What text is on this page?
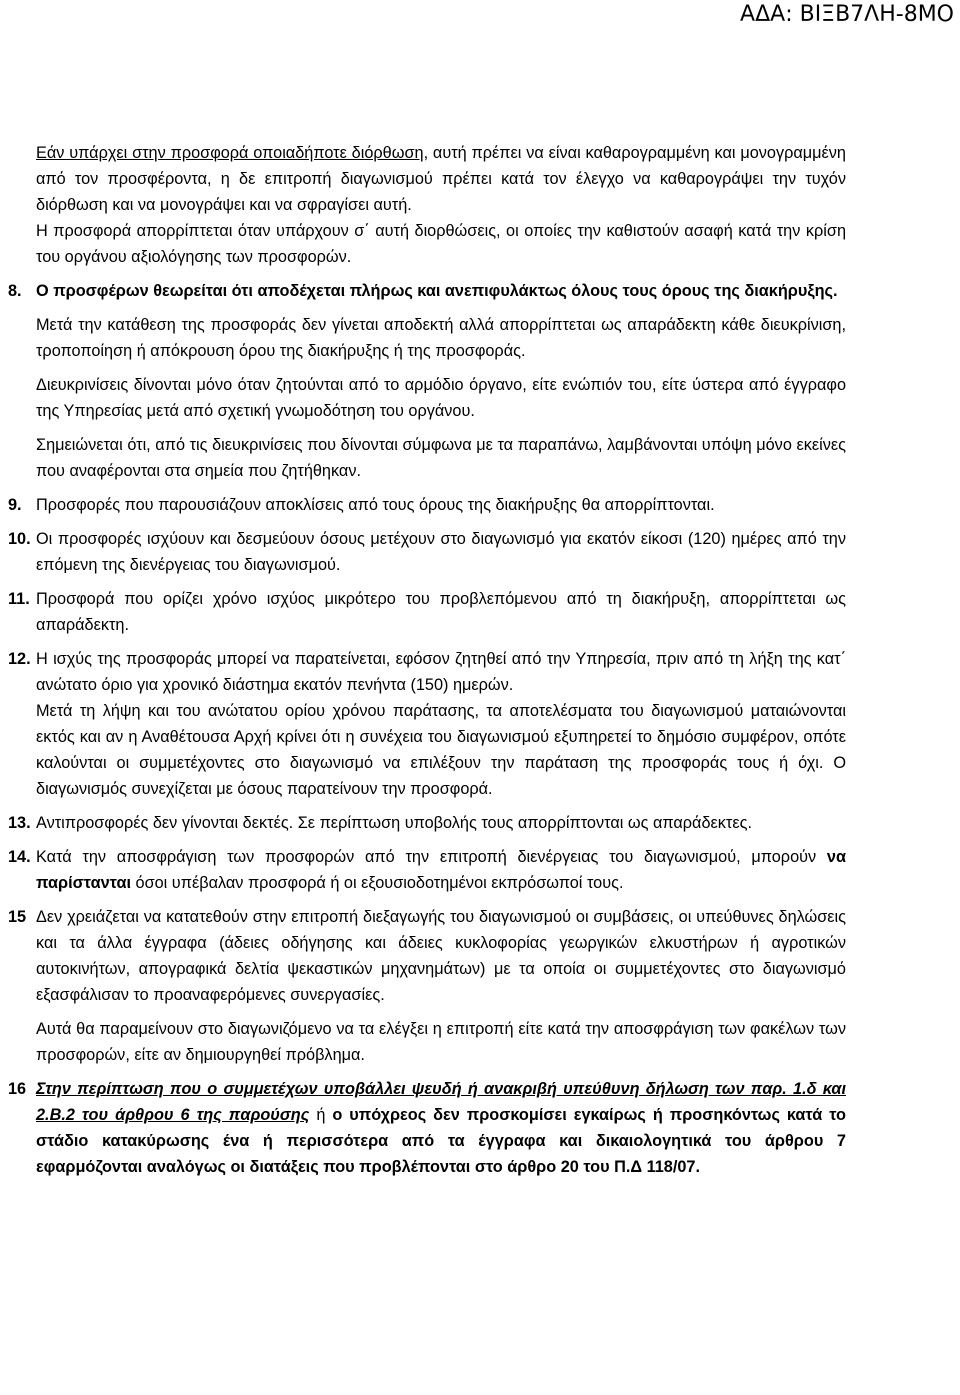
ΑΔΑ: ΒΙΞΒ7ΛΗ-8ΜΟ

Εάν υπάρχει στην προσφορά οποιαδήποτε διόρθωση, αυτή πρέπει να είναι καθαρογραμμένη και μονογραμμένη από τον προσφέροντα, η δε επιτροπή διαγωνισμού πρέπει κατά τον έλεγχο να καθαρογράψει την τυχόν διόρθωση και να μονογράψει και να σφραγίσει αυτή.

Η προσφορά απορρίπτεται όταν υπάρχουν σ΄ αυτή διορθώσεις, οι οποίες την καθιστούν ασαφή κατά την κρίση του οργάνου αξιολόγησης των προσφορών.

8. Ο προσφέρων θεωρείται ότι αποδέχεται πλήρως και ανεπιφυλάκτως όλους τους όρους της διακήρυξης.

Μετά την κατάθεση της προσφοράς δεν γίνεται αποδεκτή αλλά απορρίπτεται ως απαράδεκτη κάθε διευκρίνιση, τροποποίηση ή απόκρουση όρου της διακήρυξης ή της προσφοράς.

Διευκρινίσεις δίνονται μόνο όταν ζητούνται από το αρμόδιο όργανο, είτε ενώπιόν του, είτε ύστερα από έγγραφο της Υπηρεσίας μετά από σχετική γνωμοδότηση του οργάνου.

Σημειώνεται ότι, από τις διευκρινίσεις που δίνονται σύμφωνα με τα παραπάνω, λαμβάνονται υπόψη μόνο εκείνες που αναφέρονται στα σημεία που ζητήθηκαν.

9. Προσφορές που παρουσιάζουν αποκλίσεις από τους όρους της διακήρυξης θα απορρίπτονται.

10. Οι προσφορές ισχύουν και δεσμεύουν όσους μετέχουν στο διαγωνισμό για εκατόν είκοσι (120) ημέρες από την επόμενη της διενέργειας του διαγωνισμού.

11. Προσφορά που ορίζει χρόνο ισχύος μικρότερο του προβλεπόμενου από τη διακήρυξη, απορρίπτεται ως απαράδεκτη.

12. Η ισχύς της προσφοράς μπορεί να παρατείνεται, εφόσον ζητηθεί από την Υπηρεσία, πριν από τη λήξη της κατ΄ ανώτατο όριο για χρονικό διάστημα εκατόν πενήντα (150) ημερών.

Μετά τη λήψη και του ανώτατου ορίου χρόνου παράτασης, τα αποτελέσματα του διαγωνισμού ματαιώνονται εκτός και αν η Αναθέτουσα Αρχή κρίνει ότι η συνέχεια του διαγωνισμού εξυπηρετεί το δημόσιο συμφέρον, οπότε καλούνται οι συμμετέχοντες στο διαγωνισμό να επιλέξουν την παράταση της προσφοράς τους ή όχι. Ο διαγωνισμός συνεχίζεται με όσους παρατείνουν την προσφορά.

13. Αντιπροσφορές δεν γίνονται δεκτές. Σε περίπτωση υποβολής τους απορρίπτονται ως απαράδεκτες.

14. Κατά την αποσφράγιση των προσφορών από την επιτροπή διενέργειας του διαγωνισμού, μπορούν να παρίστανται όσοι υπέβαλαν προσφορά ή οι εξουσιοδοτημένοι εκπρόσωποί τους.

15 Δεν χρειάζεται να κατατεθούν στην επιτροπή διεξαγωγής του διαγωνισμού οι συμβάσεις, οι υπεύθυνες δηλώσεις και τα άλλα έγγραφα (άδειες οδήγησης και άδειες κυκλοφορίας γεωργικών ελκυστήρων ή αγροτικών αυτοκινήτων, απογραφικά δελτία ψεκαστικών μηχανημάτων) με τα οποία οι συμμετέχοντες στο διαγωνισμό εξασφάλισαν το προαναφερόμενες συνεργασίες.

Αυτά θα παραμείνουν στο διαγωνιζόμενο να τα ελέγξει η επιτροπή είτε κατά την αποσφράγιση των φακέλων των προσφορών, είτε αν δημιουργηθεί πρόβλημα.

16 Στην περίπτωση που ο συμμετέχων υποβάλλει ψευδή ή ανακριβή υπεύθυνη δήλωση των παρ. 1.δ και 2.Β.2 του άρθρου 6 της παρούσης ή ο υπόχρεος δεν προσκομίσει εγκαίρως ή προσηκόντως κατά το στάδιο κατακύρωσης ένα ή περισσότερα από τα έγγραφα και δικαιολογητικά του άρθρου 7 εφαρμόζονται αναλόγως οι διατάξεις που προβλέπονται στο άρθρο 20 του Π.Δ 118/07.
